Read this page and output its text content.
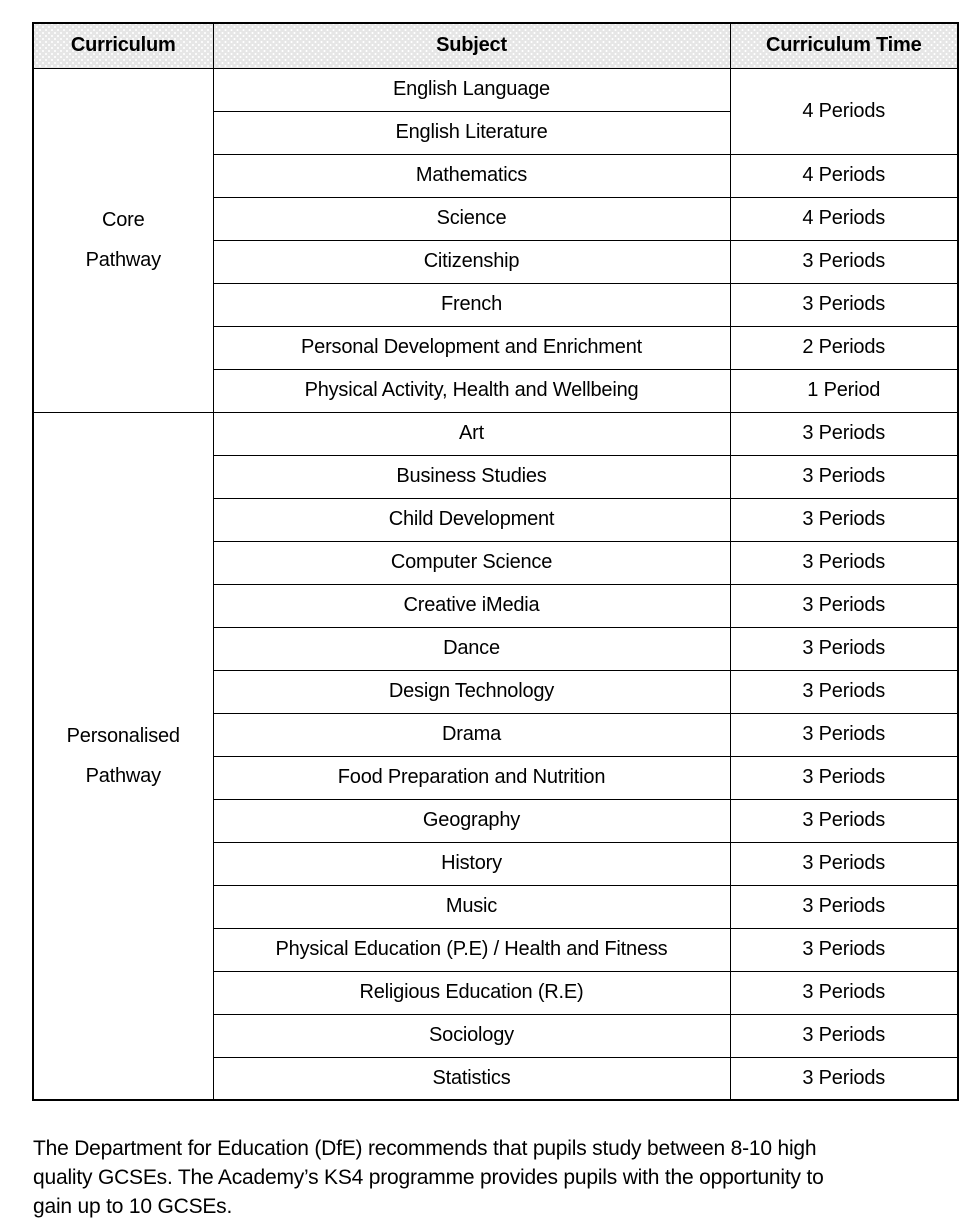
Curriculum	Subject	Curriculum Time

Core
Pathway	English Language	4 Periods
	English Literature	
	Mathematics	4 Periods
	Science	4 Periods
	Citizenship	3 Periods
	French	3 Periods
	Personal Development and Enrichment	2 Periods
	Physical Activity, Health and Wellbeing	1 Period

Personalised
Pathway	Art	3 Periods
	Business Studies	3 Periods
	Child Development	3 Periods
	Computer Science	3 Periods
	Creative iMedia	3 Periods
	Dance	3 Periods
	Design Technology	3 Periods
	Drama	3 Periods
	Food Preparation and Nutrition	3 Periods
	Geography	3 Periods
	History	3 Periods
	Music	3 Periods
	Physical Education (P.E) / Health and Fitness	3 Periods
	Religious Education (R.E)	3 Periods
	Sociology	3 Periods
	Statistics	3 Periods

The Department for Education (DfE) recommends that pupils study between 8-10 high
quality GCSEs. The Academy’s KS4 programme provides pupils with the opportunity to
gain up to 10 GCSEs.
